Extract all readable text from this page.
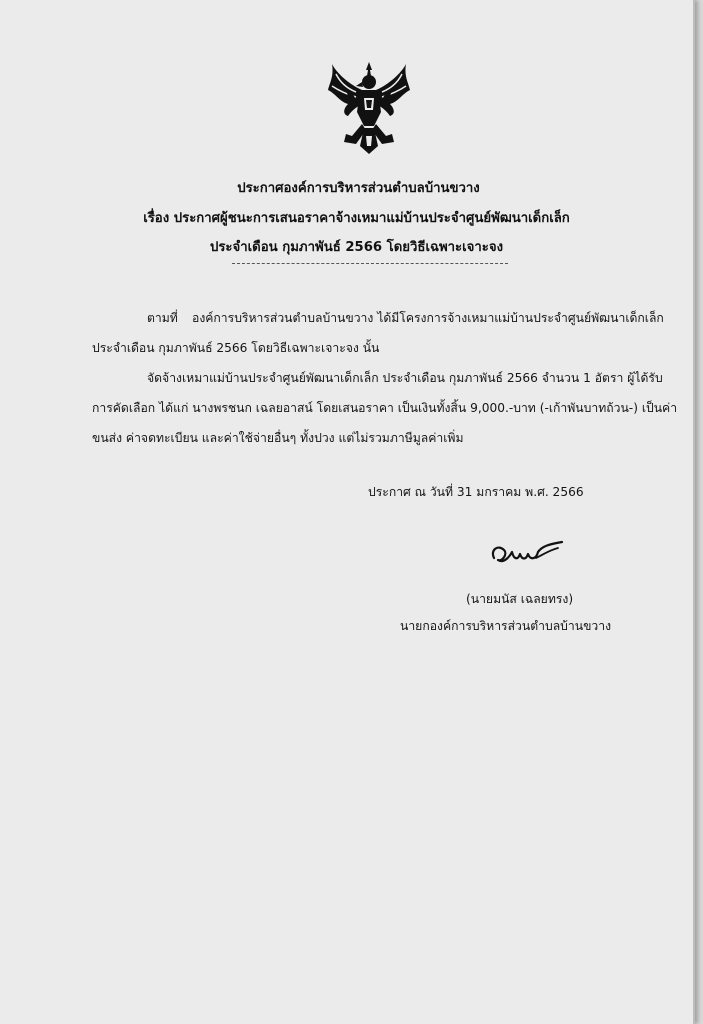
ประกาศองค์การบริหารส่วนตำบลบ้านขวาง
เรื่อง ประกาศผู้ชนะการเสนอราคาจ้างเหมาแม่บ้านประจำศูนย์พัฒนาเด็กเล็ก
ประจำเดือน กุมภาพันธ์ 2566 โดยวิธีเฉพาะเจาะจง
ตามที่ องค์การบริหารส่วนตำบลบ้านขวาง ได้มีโครงการจ้างเหมาแม่บ้านประจำศูนย์พัฒนาเด็กเล็ก
ประจำเดือน กุมภาพันธ์ 2566 โดยวิธีเฉพาะเจาะจง นั้น
จัดจ้างเหมาแม่บ้านประจำศูนย์พัฒนาเด็กเล็ก ประจำเดือน กุมภาพันธ์ 2566 จำนวน 1 อัตรา ผู้ได้รับ
การคัดเลือก ได้แก่ นางพรชนก เฉลยอาสน์ โดยเสนอราคา เป็นเงินทั้งสิ้น 9,000.-บาท (-เก้าพันบาทถ้วน-) เป็นค่า
ขนส่ง ค่าจดทะเบียน และค่าใช้จ่ายอื่นๆ ทั้งปวง แต่ไม่รวมภาษีมูลค่าเพิ่ม
ประกาศ ณ วันที่ 31 มกราคม พ.ศ. 2566
(นายมนัส เฉลยทรง)
นายกองค์การบริหารส่วนตำบลบ้านขวาง
